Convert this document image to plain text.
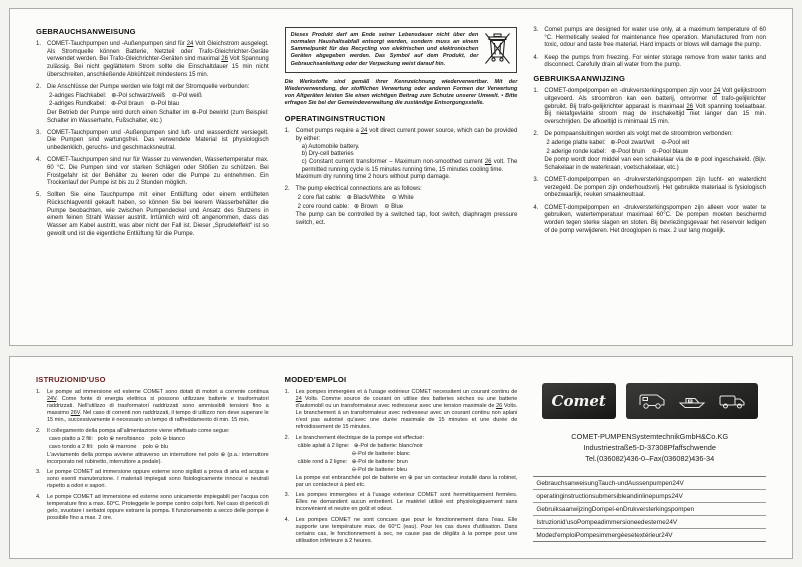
GEBRAUCHSANWEISUNG
1. COMET-Tauchpumpen und -Außenpumpen sind für 24 Volt Gleichstrom ausgelegt. Als Stromquelle können Batterie, Netzteil oder Trafo-Gleichrichter-Geräte verwendet werden. Bei Trafo-Gleichrichter-Geräten sind maximal 26 Volt Spannung zulässig. Bei nicht geglättetem Strom sollte die Einschaltdauer 15 min nicht überschreiten, anschließende Abkühlzeit mindestens 15 min.
2. Die Anschlüsse der Pumpe werden wie folgt mit der Stromquelle verbunden:
2-adriges Flachkabel:   ⊕-Pol schwarz/weiß    ⊖-Pol weiß
2-adriges Rundkabel:   ⊕-Pol braun    ⊖-Pol blau
Der Betrieb der Pumpe wird durch einen Schalter im ⊕-Pol bewirkt (zum Beispiel: Schalter im Wasserhahn, Fußschalter, etc.)
3. COMET-Tauchpumpen und -Außenpumpen sind luft- und wasserdicht versiegelt. Die Pumpen sind wartungsfrei. Das verwendete Material ist physiologisch unbedenklich, geruchs- und geschmacksneutral.
4. COMET-Tauchpumpen sind nur für Wasser zu verwenden, Wassertemperatur max. 60 °C. Die Pumpen sind vor starken Schlägen oder Stößen zu schützen. Bei Frostgefahr ist der Behälter zu leeren oder die Pumpe zu entnehmen. Ein Trockenlauf der Pumpe ist bis zu 2 Stunden möglich.
5. Sollten Sie eine Tauchpumpe mit einer Entlüftung oder einem entlüfteten Rückschlagventil gekauft haben, so können Sie bei leerem Wasserbehälter die Pumpe beobachten, wie zwischen Pumpendeckel und Ansatz des Stutzens in einem feinen Strahl Wasser austritt. Irrtümlich wird oft angenommen, dass das Wasser am Kabel austritt, was aber nicht der Fall ist. Dieser „Sprudeleffekt“ ist so gewollt und ist die eigentliche Entlüftung für die Pumpe.

Dieses Produkt darf am Ende seiner Lebensdauer nicht über den normalen Haushaltsabfall entsorgt werden, sondern muss an einem Sammelpunkt für das Recycling von elektrischen und elektronischen Geräten abgegeben werden. Das Symbol auf dem Produkt, der Gebrauchsanleitung oder der Verpackung weist darauf hin.

Die Werkstoffe sind gemäß ihrer Kennzeichnung wiederverwertbar. Mit der Wiederverwendung, der stofflichen Verwertung oder anderen Formen der Verwertung von Altgeräten leisten Sie einen wichtigen Beitrag zum Schutze unserer Umwelt. • Bitte erfragen Sie bei der Gemeindeverwaltung die zuständige Entsorgungsstelle.

OPERATINGINSTRUCTION
1. Comet pumps require a 24 volt direct current power source, which can be provided by either:
a) Automobile battery.
b) Dry-cell batteries
c) Constant current transformer – Maximum non-smoothed current 26 volt. The permitted running cycle is 15 minutes running time, 15 minutes cooling time.
Maximum dry running time 2 hours without pump damage.
2. The pump electrical connections are as follows:
2 core flat cable:   ⊕ Black/White    ⊖ White
2 core round cable:   ⊕ Brown    ⊖ Blue
The pump can be controlled by a switched tap, foot switch, diaphragm pressure switch, ect.
3. Comet pumps are designed for water use only, at a maximum temperature of 60 °C. Hermetically sealed for maintenance free operation. Manufactured from non toxic, odour and taste free material. Hard impacts or blows will damage the pump.
4. Keep the pumps from freezing. For winter storage remove from water tanks and disconnect. Carefully drain all water from the pump.
GEBRUIKSAANWIJZING
1. COMET-dompelpompen en -drukversterkingspompen zijn voor 24 Volt gelijkstroom uitgevoerd. Als stroombron kan een batterij, omvormer of trafo-gelijkrichter gebruikt. Bij trafo-gelijkrichter apparaat is maximaal 26 Volt spanning toelaatbaar. Bij nietafgevlakte stroom mag de inschakeltijd niet langer dan 15 min. overschrijden. De afkoeltijd is minimaal 15 min.
2. De pompaansluitingen worden als volgt met de stroombron verbonden:
2 aderige platte kabel:   ⊕-Pool zwart/wit    ⊖-Pool wit
2 aderige ronde kabel:   ⊕-Pool bruin    ⊖-Pool blauw
De pomp wordt door middel van een schakelaar via de ⊕ pool ingeschakeld. (Bijv. Schakelaar in de waterkraan, voetschakelaar, etc.)
3. COMET-dompelpompen en -drukversterkingspompen zijn lucht- en waterdicht verzegeld. De pompen zijn onderhoudsvrij. Het gebruikte materiaal is fysiologisch onbezwaarlijk, reuken smaakneutraal.
4. COMET-dompelpompen en -drukversterkingspompen zijn alleen voor water te gebruiken, watertemperatuur maximaal 60°C. De pompen moeten beschermd worden tegen sterke slagen en stoten. Bij bevriezingsgevaar het reservoir ledigen of de pomp verwijderen. Het drooglopen is max. 2 uur lang mogelijk.
ISTRUZIONID'USO
1.	Le pompe ad immersione ed esterne COMET sono dotati di motori a corrente continua 24V. Come fonte di energia elettrica si possono utilizzare batterie e trasformatori raddrizzati. Nell'utilizzo di trasformatori raddrizzati sono ammissibili tensioni fino a massimo 26V. Nel caso di correnti non raddrizzati, il tempo di utilizzo non deve superare le 15 min., successivamente è necessario un tempo di raffreddamento di min. 15 min.
2.	Il collegamento della pompa all'alimentazione viene effettuato come segue:
cavo piatto a 2 fili:   polo ⊕ nero/bianco    polo ⊖ bianco
cavo tondo a 2 fili:   polo ⊕ marrone    polo ⊖ blu
L'avviamento della pompa avviene attraverso un interruttore nel polo ⊕ (p.a.: interruttore incorporato nel rubinetto, interruttore a pedale).
3.	Le pompe COMET ad immersione oppure esterne sono sigillati a prova di aria ed acqua e sono esenti manutenzione. I materiali impiegati sono fisiologicamente innocui e neutrali rispetto a odori e sapori.
4.	Le pompe COMET ad immersione ed esterne sono unicamente impiegabili per l'acqua con temperature fino a max. 60°C. Proteggete le pompe contro colpi forti. Nel caso di pericoli di gelo, svuotare i serbatoi oppure estrarre la pompa. Il funzionamento a secco delle pompe è possibile fino a max. 2 ore.
MODED'EMPLOI
1.	Les pompes immergées et à l'usage extérieur COMET necessitent un courant continu de 24 Volts. Comme source de courant on utilise des batteries sèches ou une batterie d'automobil ou un transformateur avec redresseur avec une tension maximale de 26 Volts. Le branchement à un transformateur avec redresseur avec un courant continu non aplani n'est pas autorisé qu'avec une durée maximale de 15 minutes et une durée de refroidissement de 15 minutes.
2.	Le branchement électrique de la pompe est effectué:
câble aplati à 2 ligne:   ⊕-Pol de batterie: blanc/noir
⊖-Pol de batterie: blanc
câble rond à 2 ligne:   ⊕-Pol de batterie: brun
⊖-Pol de batterie: bleu
La pompe est enbranchée pol de batterie en ⊕ par un contacteur installé dans la robinet, par un contacteur à pied etc.
3.	Les pompes immergées et à l'usage exterieur COMET sont hermétiquement fermées. Elles ne demandent aucun entretient. Le matériel utilisé est physiologiquement sans inconvénient et neutre en goût et odeur.
4.	Les pompes COMET ne sont concues que pour le fonctionnement dans l'eau. Elle supporte une température max. de 60°C (eau). Pour les cas dures d'utilisation. Dans certains cas, le fonctionnement à sec, ne cause pas de dégâts à la pompe pour une utilisation inférieure à 2 heures.
Comet
COMET-PUMPENSystemtechnikGmbH&Co.KG
Industriestraße5-D-37308Pfaffschwende
Tel.(036082)436-0–Fax(036082)436-34
GebrauchsanweisungTauch-undAussenpumpen24V
operatinginstructionsubmersibleandinlinepumps24V
GebruiksaanwijzingDompel-enDrukversterkingspompen
Istruzionid'usoPompeadimmersioneedesterne24V
Moded'emploiPompesimmergéesetextérieur24V
